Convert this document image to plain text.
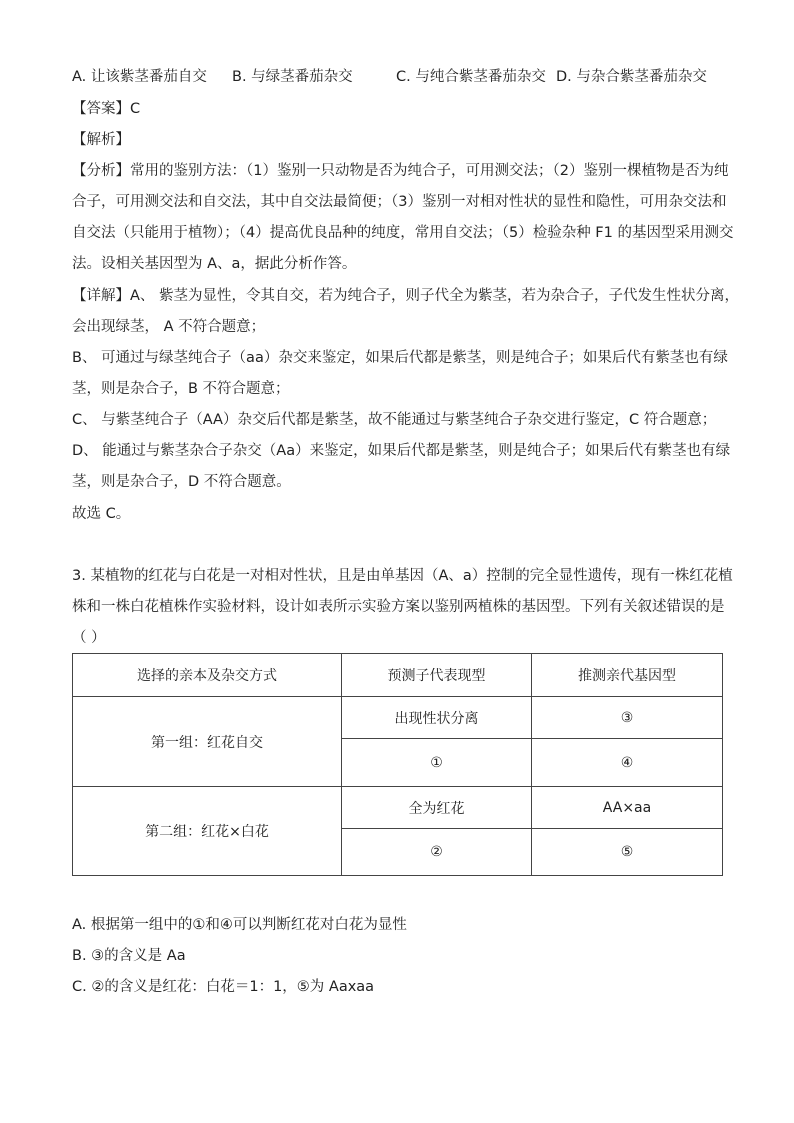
A. 让该紫茎番茄自交 B. 与绿茎番茄杂交	C. 与纯合紫茎番茄杂交 D. 与杂合紫茎番茄杂交
【答案】C
【解析】
【分析】常用的鉴别方法：（1）鉴别一只动物是否为纯合子，可用测交法；（2）鉴别一棵植物是否为纯
合子，可用测交法和自交法，其中自交法最简便；（3）鉴别一对相对性状的显性和隐性，可用杂交法和
自交法（只能用于植物）；（4）提高优良品种的纯度，常用自交法；（5）检验杂种 F1 的基因型采用测交
法。设相关基因型为 A、a，据此分析作答。
【详解】A、 紫茎为显性，令其自交，若为纯合子，则子代全为紫茎，若为杂合子，子代发生性状分离，
会出现绿茎， A 不符合题意；
B、 可通过与绿茎纯合子（aa）杂交来鉴定，如果后代都是紫茎，则是纯合子；如果后代有紫茎也有绿
茎，则是杂合子，B 不符合题意；
C、 与紫茎纯合子（AA）杂交后代都是紫茎，故不能通过与紫茎纯合子杂交进行鉴定，C 符合题意；
D、 能通过与紫茎杂合子杂交（Aa）来鉴定，如果后代都是紫茎，则是纯合子；如果后代有紫茎也有绿
茎，则是杂合子，D 不符合题意。
故选 C。
3. 某植物的红花与白花是一对相对性状，且是由单基因（A、a）控制的完全显性遗传，现有一株红花植
株和一株白花植株作实验材料，设计如表所示实验方案以鉴别两植株的基因型。下列有关叙述错误的是
（ ）
选择的亲本及杂交方式	预测子代表现型	推测亲代基因型
第一组：红花自交	出现性状分离	③
	①	④
第二组：红花×白花	全为红花	AA×aa
	②	⑤
A. 根据第一组中的①和④可以判断红花对白花为显性
B. ③的含义是 Aa
C. ②的含义是红花：白花＝1：1，⑤为 Aaxaa
